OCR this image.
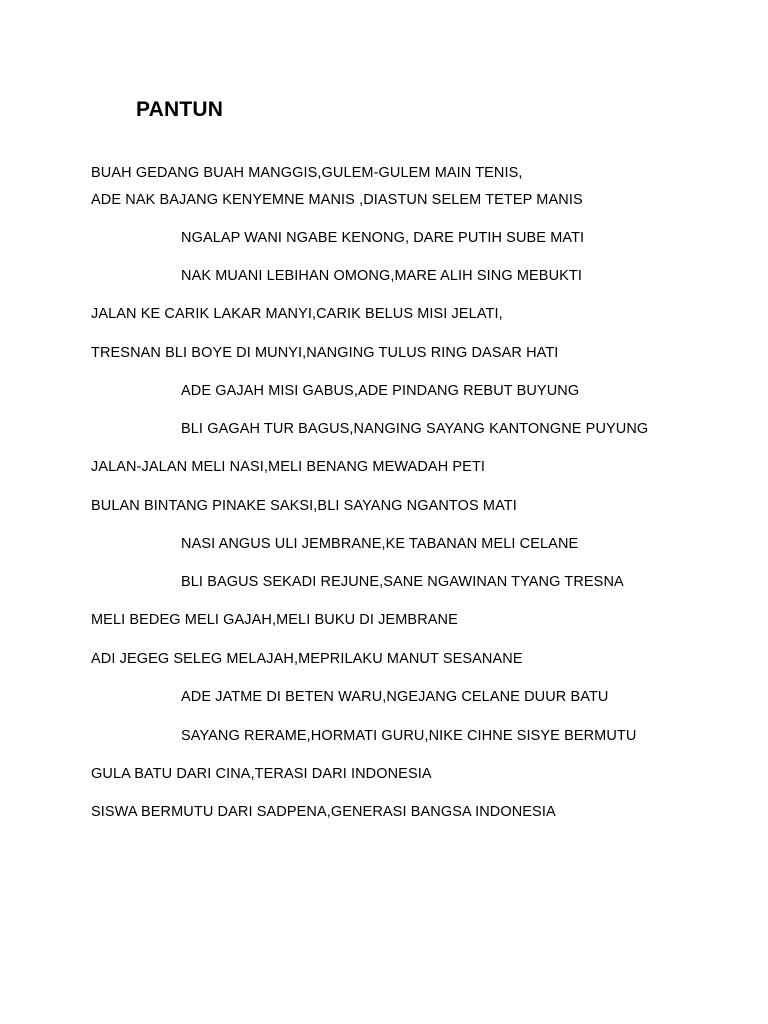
PANTUN
BUAH GEDANG BUAH MANGGIS,GULEM-GULEM MAIN TENIS,
ADE NAK BAJANG KENYEMNE MANIS ,DIASTUN SELEM TETEP MANIS
NGALAP WANI NGABE KENONG, DARE PUTIH SUBE MATI
NAK MUANI LEBIHAN OMONG,MARE ALIH SING MEBUKTI
JALAN KE CARIK LAKAR MANYI,CARIK BELUS MISI JELATI,
TRESNAN BLI BOYE DI MUNYI,NANGING TULUS RING DASAR HATI
ADE GAJAH MISI GABUS,ADE PINDANG REBUT BUYUNG
BLI GAGAH TUR BAGUS,NANGING SAYANG KANTONGNE PUYUNG
JALAN-JALAN MELI NASI,MELI BENANG MEWADAH PETI
BULAN BINTANG PINAKE SAKSI,BLI SAYANG NGANTOS MATI
NASI ANGUS ULI JEMBRANE,KE TABANAN MELI CELANE
BLI BAGUS SEKADI REJUNE,SANE NGAWINAN TYANG TRESNA
MELI BEDEG MELI GAJAH,MELI BUKU DI JEMBRANE
ADI JEGEG SELEG MELAJAH,MEPRILAKU MANUT SESANANE
ADE JATME DI BETEN WARU,NGEJANG CELANE DUUR BATU
SAYANG RERAME,HORMATI GURU,NIKE CIHNE SISYE BERMUTU
GULA BATU DARI CINA,TERASI DARI INDONESIA
SISWA BERMUTU DARI SADPENA,GENERASI BANGSA INDONESIA
